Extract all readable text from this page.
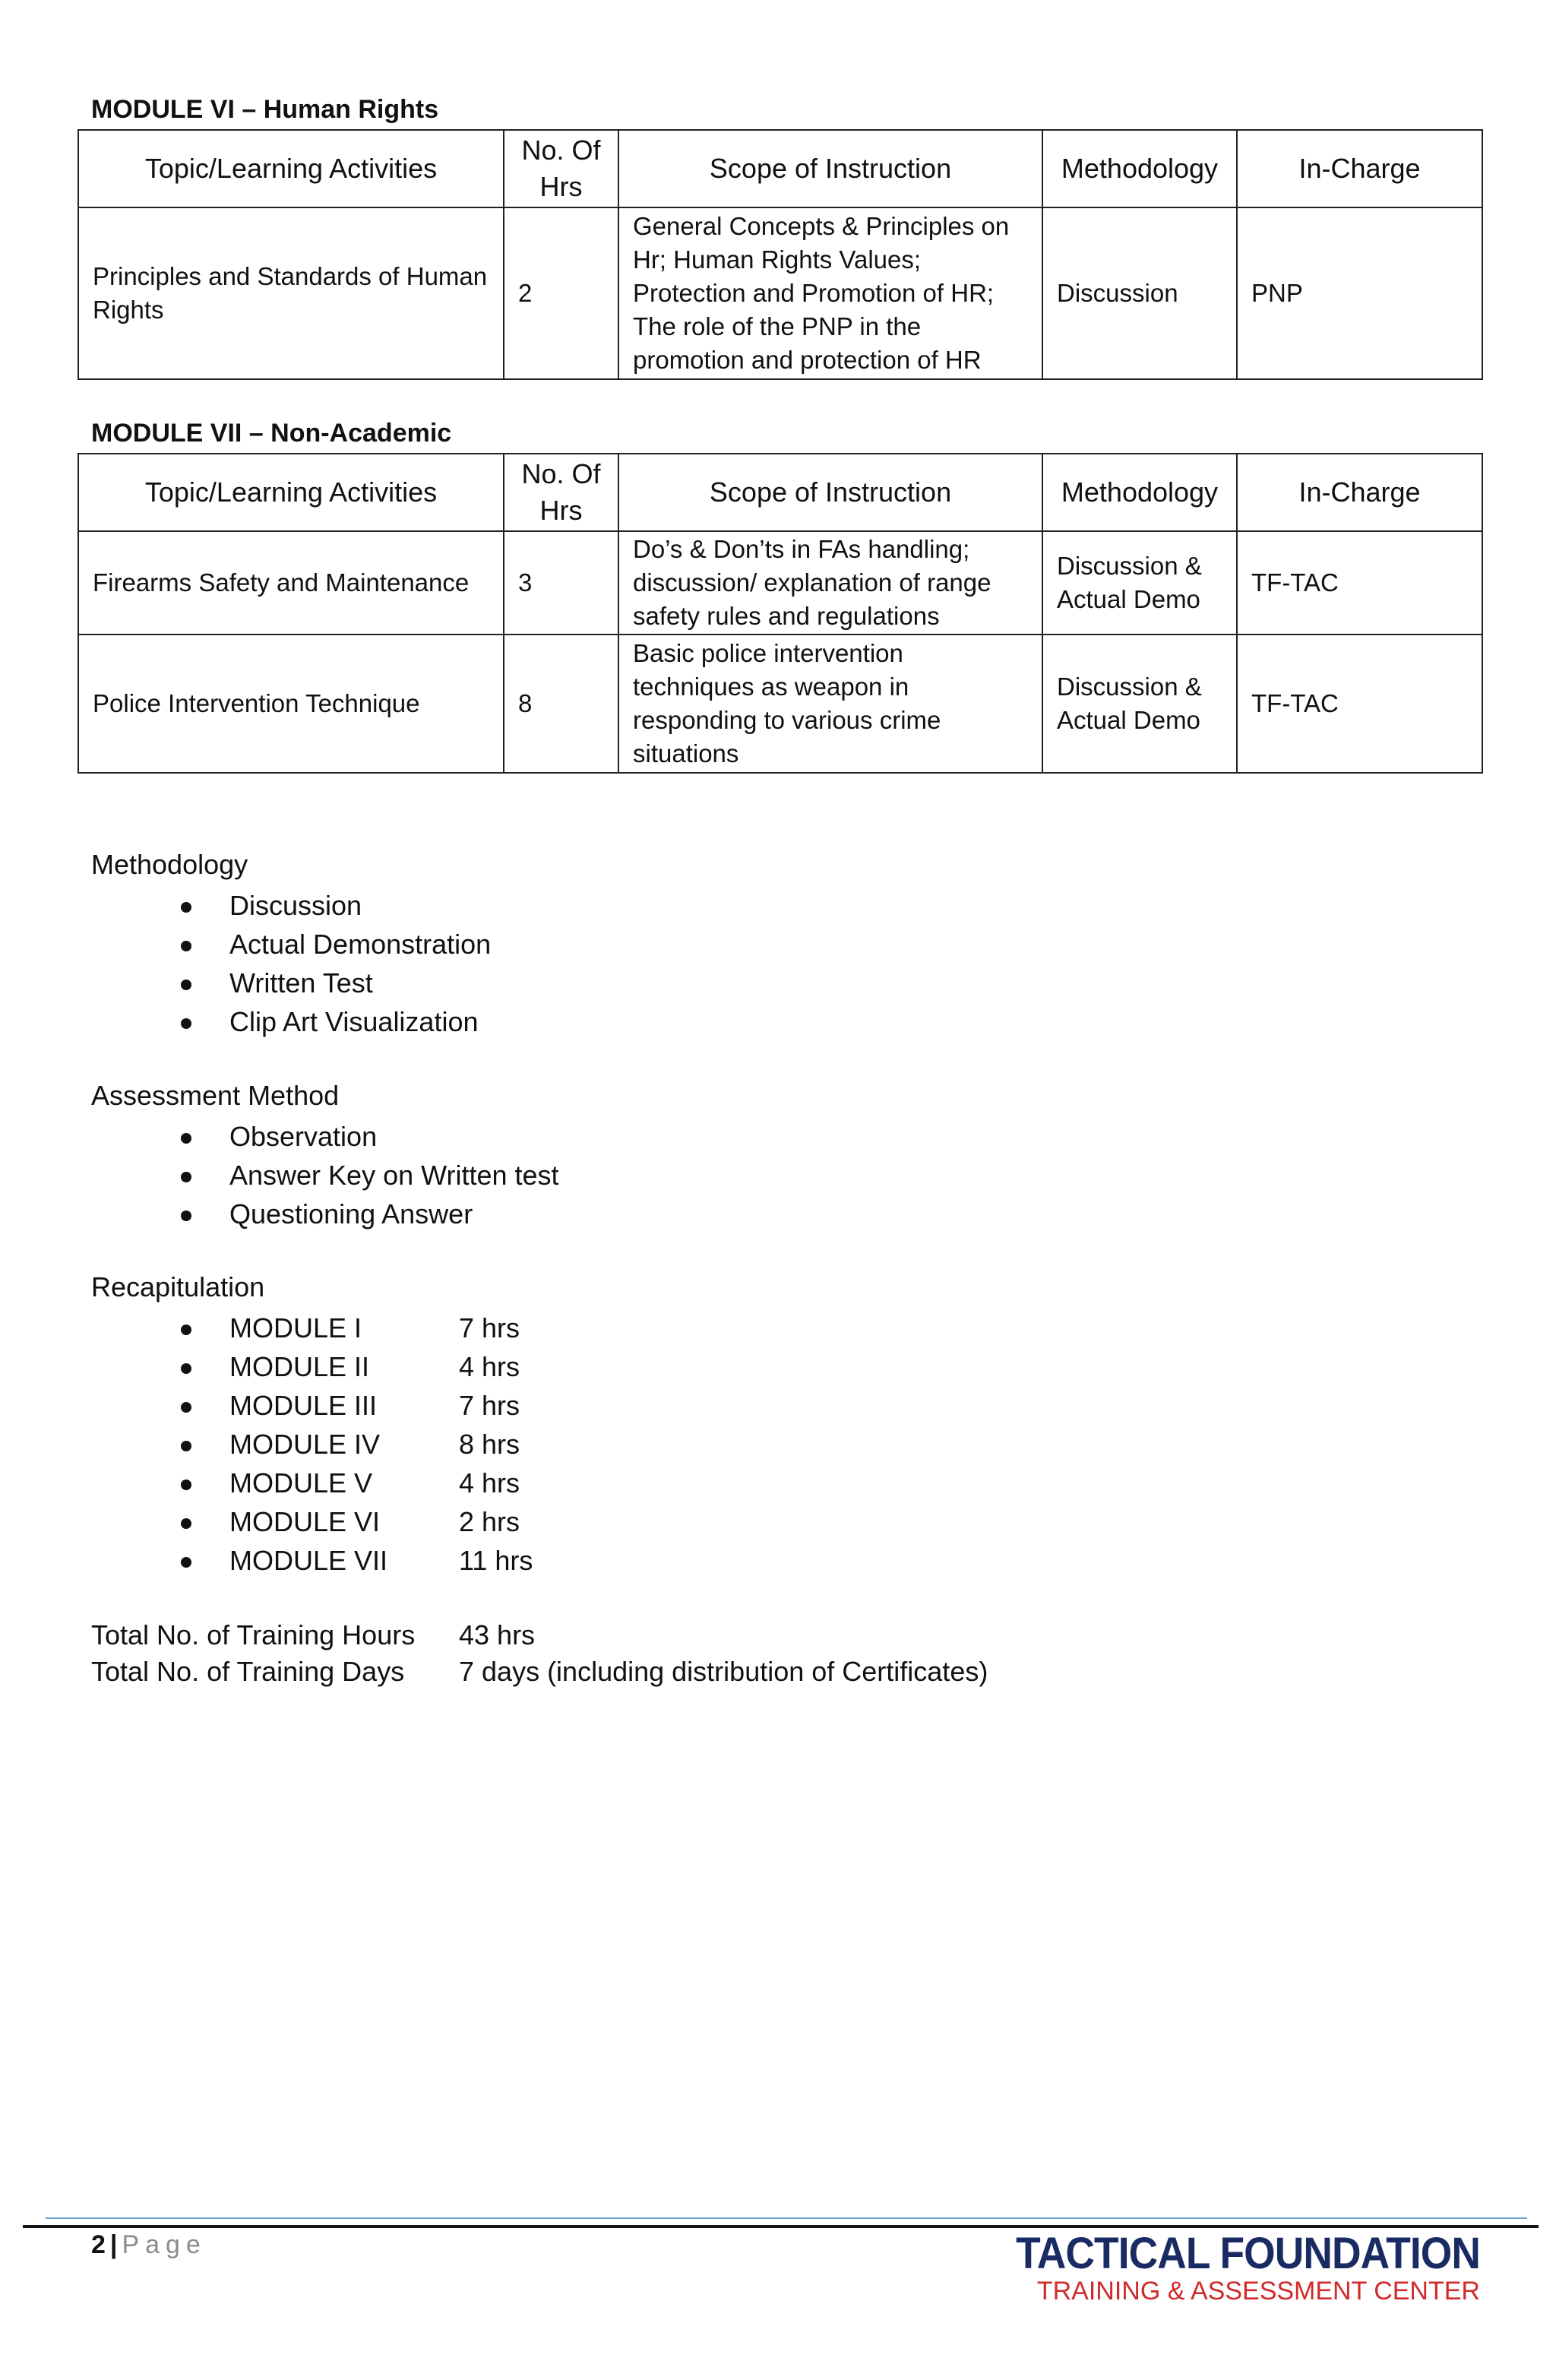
MODULE VI – Human Rights
Topic/Learning Activities	No. Of Hrs	Scope of Instruction	Methodology	In-Charge
Principles and Standards of Human Rights	2	General Concepts & Principles on Hr; Human Rights Values; Protection and Promotion of HR; The role of the PNP in the promotion and protection of HR	Discussion	PNP
MODULE VII – Non-Academic
Topic/Learning Activities	No. Of Hrs	Scope of Instruction	Methodology	In-Charge
Firearms Safety and Maintenance	3	Do’s & Don’ts in FAs handling; discussion/ explanation of range safety rules and regulations	Discussion & Actual Demo	TF-TAC
Police Intervention Technique	8	Basic police intervention techniques as weapon in responding to various crime situations	Discussion & Actual Demo	TF-TAC
Methodology
Discussion
Actual Demonstration
Written Test
Clip Art Visualization
Assessment Method
Observation
Answer Key on Written test
Questioning Answer
Recapitulation
MODULE I	7 hrs
MODULE II	4 hrs
MODULE III	7 hrs
MODULE IV	8 hrs
MODULE V	4 hrs
MODULE VI	2 hrs
MODULE VII	11 hrs
Total No. of Training Hours 43 hrs
Total No. of Training Days 7 days (including distribution of Certificates)
2 | Page	TACTICAL FOUNDATION
TRAINING & ASSESSMENT CENTER
